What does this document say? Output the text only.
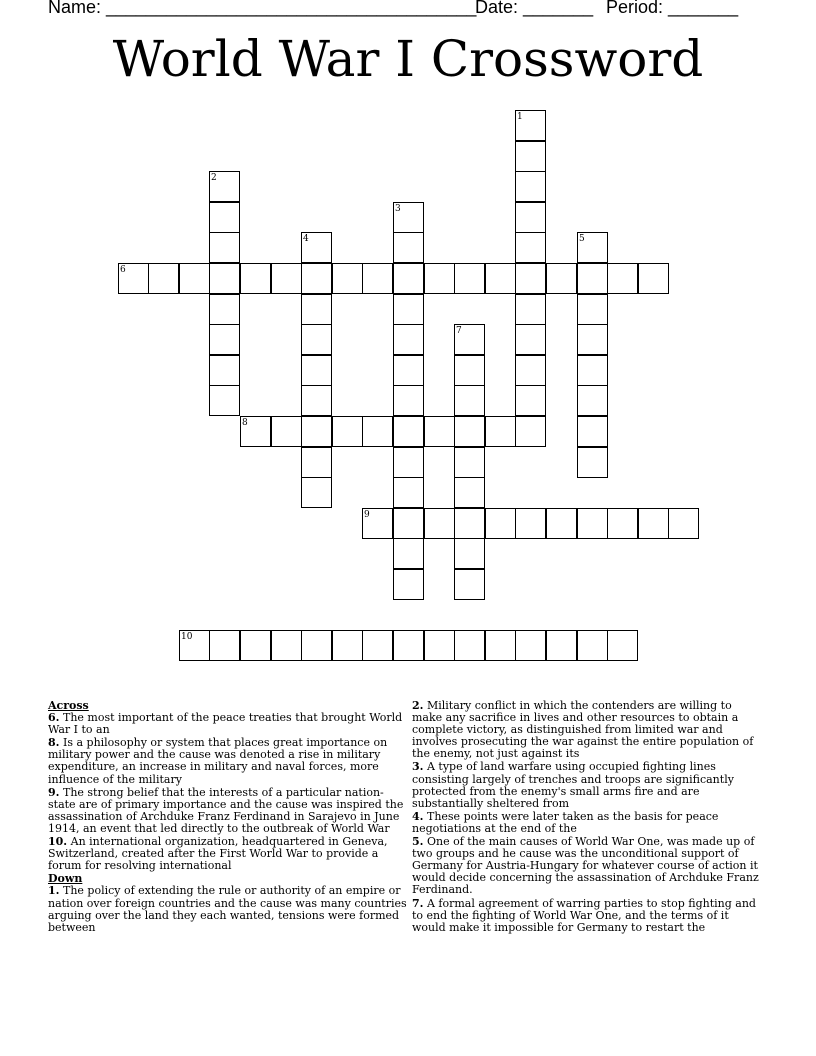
Name: _____________________________________
Date: _______ Period: _______
World War I Crossword
6
8
9
10
1
2
3
4	5
7
Across
6. The most important of the peace treaties that brought World War I to an
8. Is a philosophy or system that places great importance on military power and the cause was denoted a rise in military expenditure, an increase in military and naval forces, more influence of the military
9. The strong belief that the interests of a particular nation-state are of primary importance and the cause was inspired the assassination of Archduke Franz Ferdinand in Sarajevo in June 1914, an event that led directly to the outbreak of World War
10. An international organization, headquartered in Geneva, Switzerland, created after the First World War to provide a forum for resolving international
Down
1. The policy of extending the rule or authority of an empire or nation over foreign countries and the cause was many countries arguing over the land they each wanted, tensions were formed between
2. Military conflict in which the contenders are willing to make any sacrifice in lives and other resources to obtain a complete victory, as distinguished from limited war and involves prosecuting the war against the entire population of the enemy, not just against its
3. A type of land warfare using occupied fighting lines consisting largely of trenches and troops are significantly protected from the enemy's small arms fire and are substantially sheltered from
4. These points were later taken as the basis for peace negotiations at the end of the
5. One of the main causes of World War One, was made up of two groups and he cause was the unconditional support of Germany for Austria-Hungary for whatever course of action it would decide concerning the assassination of Archduke Franz Ferdinand.
7. A formal agreement of warring parties to stop fighting and to end the fighting of World War One, and the terms of it would make it impossible for Germany to restart the
